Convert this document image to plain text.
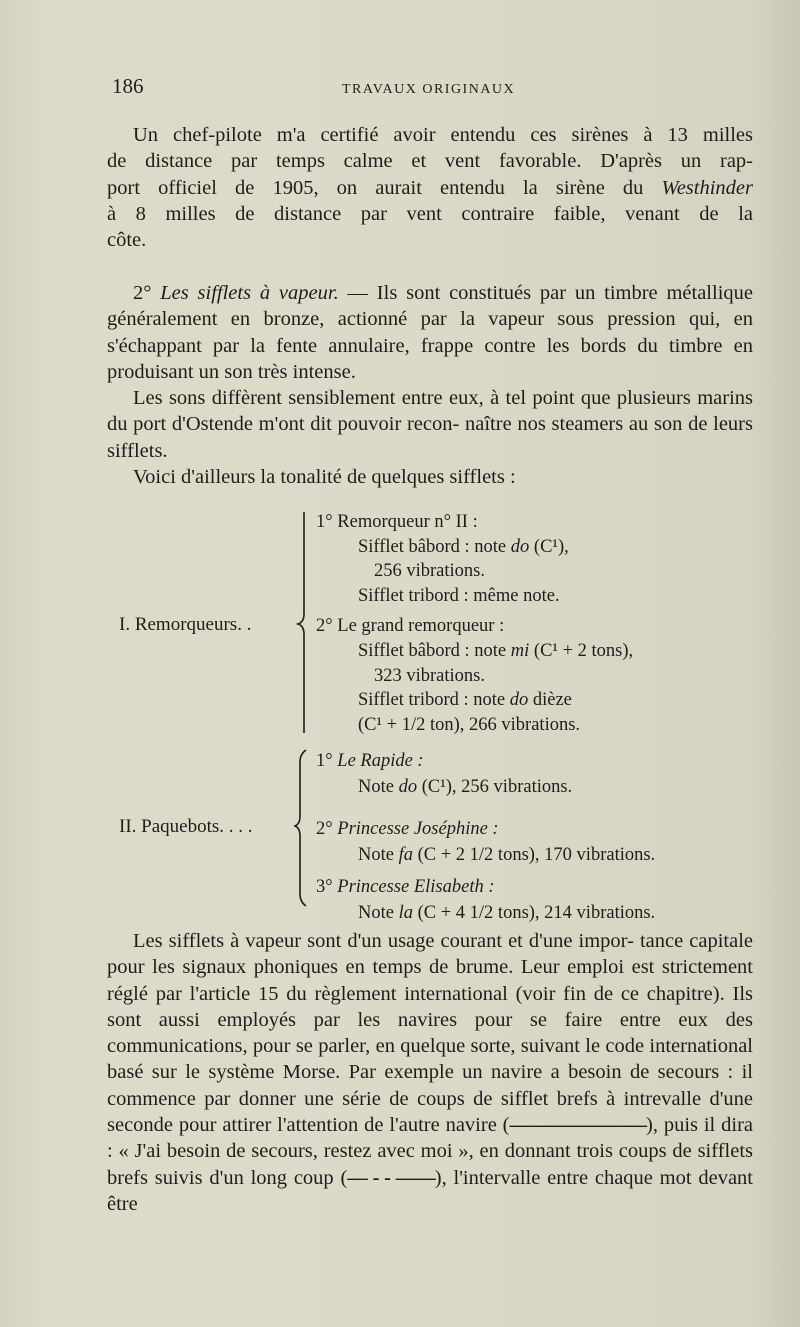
186	TRAVAUX ORIGINAUX

Un chef-pilote m'a certifié avoir entendu ces sirènes à 13 milles

de distance par temps calme et vent favorable. D'après un rap-

port officiel de 1905, on aurait entendu la sirène du Westhinder

à 8 milles de distance par vent contraire faible, venant de la

côte.

2° Les sifflets à vapeur. — Ils sont constitués par un timbre métallique généralement en bronze, actionné par la vapeur sous pression qui, en s'échappant par la fente annulaire, frappe contre les bords du timbre en produisant un son très intense.

Les sons diffèrent sensiblement entre eux, à tel point que plusieurs marins du port d'Ostende m'ont dit pouvoir recon- naître nos steamers au son de leurs sifflets.

Voici d'ailleurs la tonalité de quelques sifflets :

I. Remorqueurs. .
1° Remorqueur n° II :
Sifflet bâbord : note do (C¹),
256 vibrations.
Sifflet tribord : même note.
2° Le grand remorqueur :
Sifflet bâbord : note mi (C¹ + 2 tons),
323 vibrations.
Sifflet tribord : note do dièze
(C¹ + 1/2 ton), 266 vibrations.
II. Paquebots. . . .
1° Le Rapide :
Note do (C¹), 256 vibrations.
2° Princesse Joséphine :
Note fa (C + 2 1/2 tons), 170 vibrations.
3° Princesse Elisabeth :
Note la (C + 4 1/2 tons), 214 vibrations.

Les sifflets à vapeur sont d'un usage courant et d'une impor- tance capitale pour les signaux phoniques en temps de brume. Leur emploi est strictement réglé par l'article 15 du règlement international (voir fin de ce chapitre). Ils sont aussi employés par les navires pour se faire entre eux des communications, pour se parler, en quelque sorte, suivant le code international basé sur le système Morse. Par exemple un navire a besoin de secours : il commence par donner une série de coups de sifflet brefs à intrevalle d'une seconde pour attirer l'attention de l'autre navire (———————), puis il dira : « J'ai besoin de secours, restez avec moi », en donnant trois coups de sifflets brefs suivis d'un long coup (— - - ——), l'intervalle entre chaque mot devant être
